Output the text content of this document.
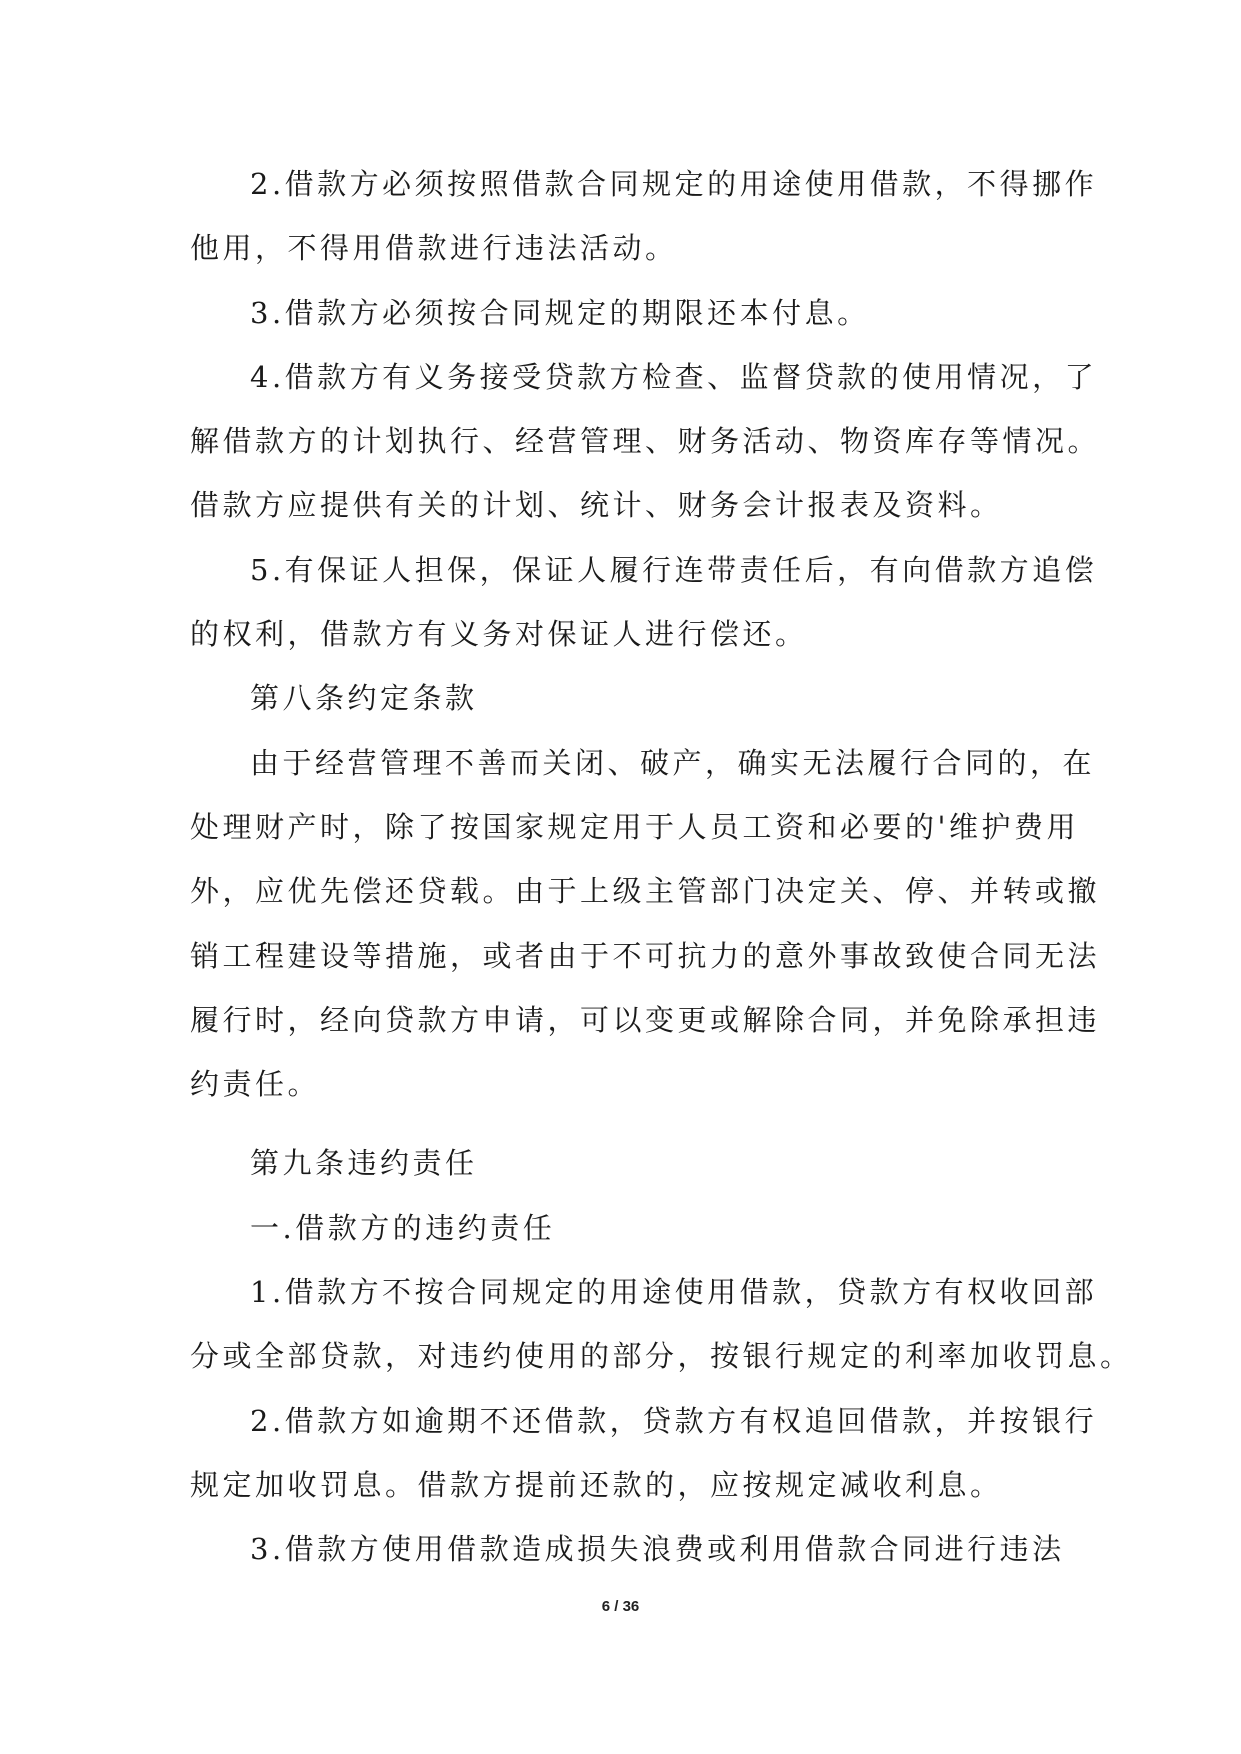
2.借款方必须按照借款合同规定的用途使用借款，不得挪作
他用，不得用借款进行违法活动。
3.借款方必须按合同规定的期限还本付息。
4.借款方有义务接受贷款方检查、监督贷款的使用情况，了
解借款方的计划执行、经营管理、财务活动、物资库存等情况。
借款方应提供有关的计划、统计、财务会计报表及资料。
5.有保证人担保，保证人履行连带责任后，有向借款方追偿
的权利，借款方有义务对保证人进行偿还。
第八条约定条款
由于经营管理不善而关闭、破产，确实无法履行合同的，在
处理财产时，除了按国家规定用于人员工资和必要的'维护费用
外，应优先偿还贷载。由于上级主管部门决定关、停、并转或撤
销工程建设等措施，或者由于不可抗力的意外事故致使合同无法
履行时，经向贷款方申请，可以变更或解除合同，并免除承担违
约责任。
第九条违约责任
一.借款方的违约责任
1.借款方不按合同规定的用途使用借款，贷款方有权收回部
分或全部贷款，对违约使用的部分，按银行规定的利率加收罚息。
2.借款方如逾期不还借款，贷款方有权追回借款，并按银行
规定加收罚息。借款方提前还款的，应按规定减收利息。
3.借款方使用借款造成损失浪费或利用借款合同进行违法
6 / 36
